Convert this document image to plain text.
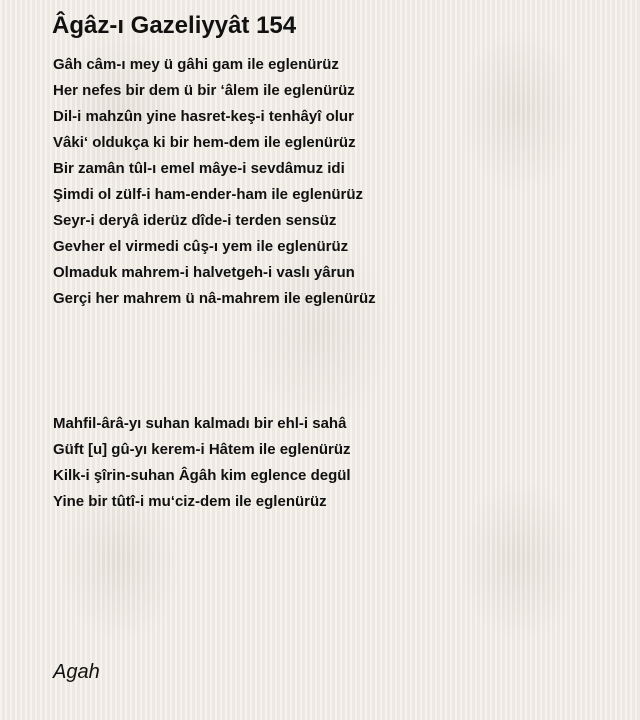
Âgâz-ı Gazeliyyât 154
Gâh câm-ı mey ü gâhi gam ile eglenürüz
Her nefes bir dem ü bir ‘âlem ile eglenürüz
Dil-i mahzûn yine hasret-keş-i tenhâyî olur
Vâki‘ oldukça ki bir hem-dem ile eglenürüz
Bir zamân tûl-ı emel mâye-i sevdâmuz idi
Şimdi ol zülf-i ham-ender-ham ile eglenürüz
Seyr-i deryâ iderüz dîde-i terden sensüz
Gevher el virmedi cûş-ı yem ile eglenürüz
Olmaduk mahrem-i halvetgeh-i vaslı yârun
Gerçi her mahrem ü nâ-mahrem ile eglenürüz
Mahfil-ârâ-yı suhan kalmadı bir ehl-i sahâ
Güft [u] gû-yı kerem-i Hâtem ile eglenürüz
Kilk-i şîrin-suhan Âgâh kim eglence degül
Yine bir tûtî-i mu‘ciz-dem ile eglenürüz
Agah
